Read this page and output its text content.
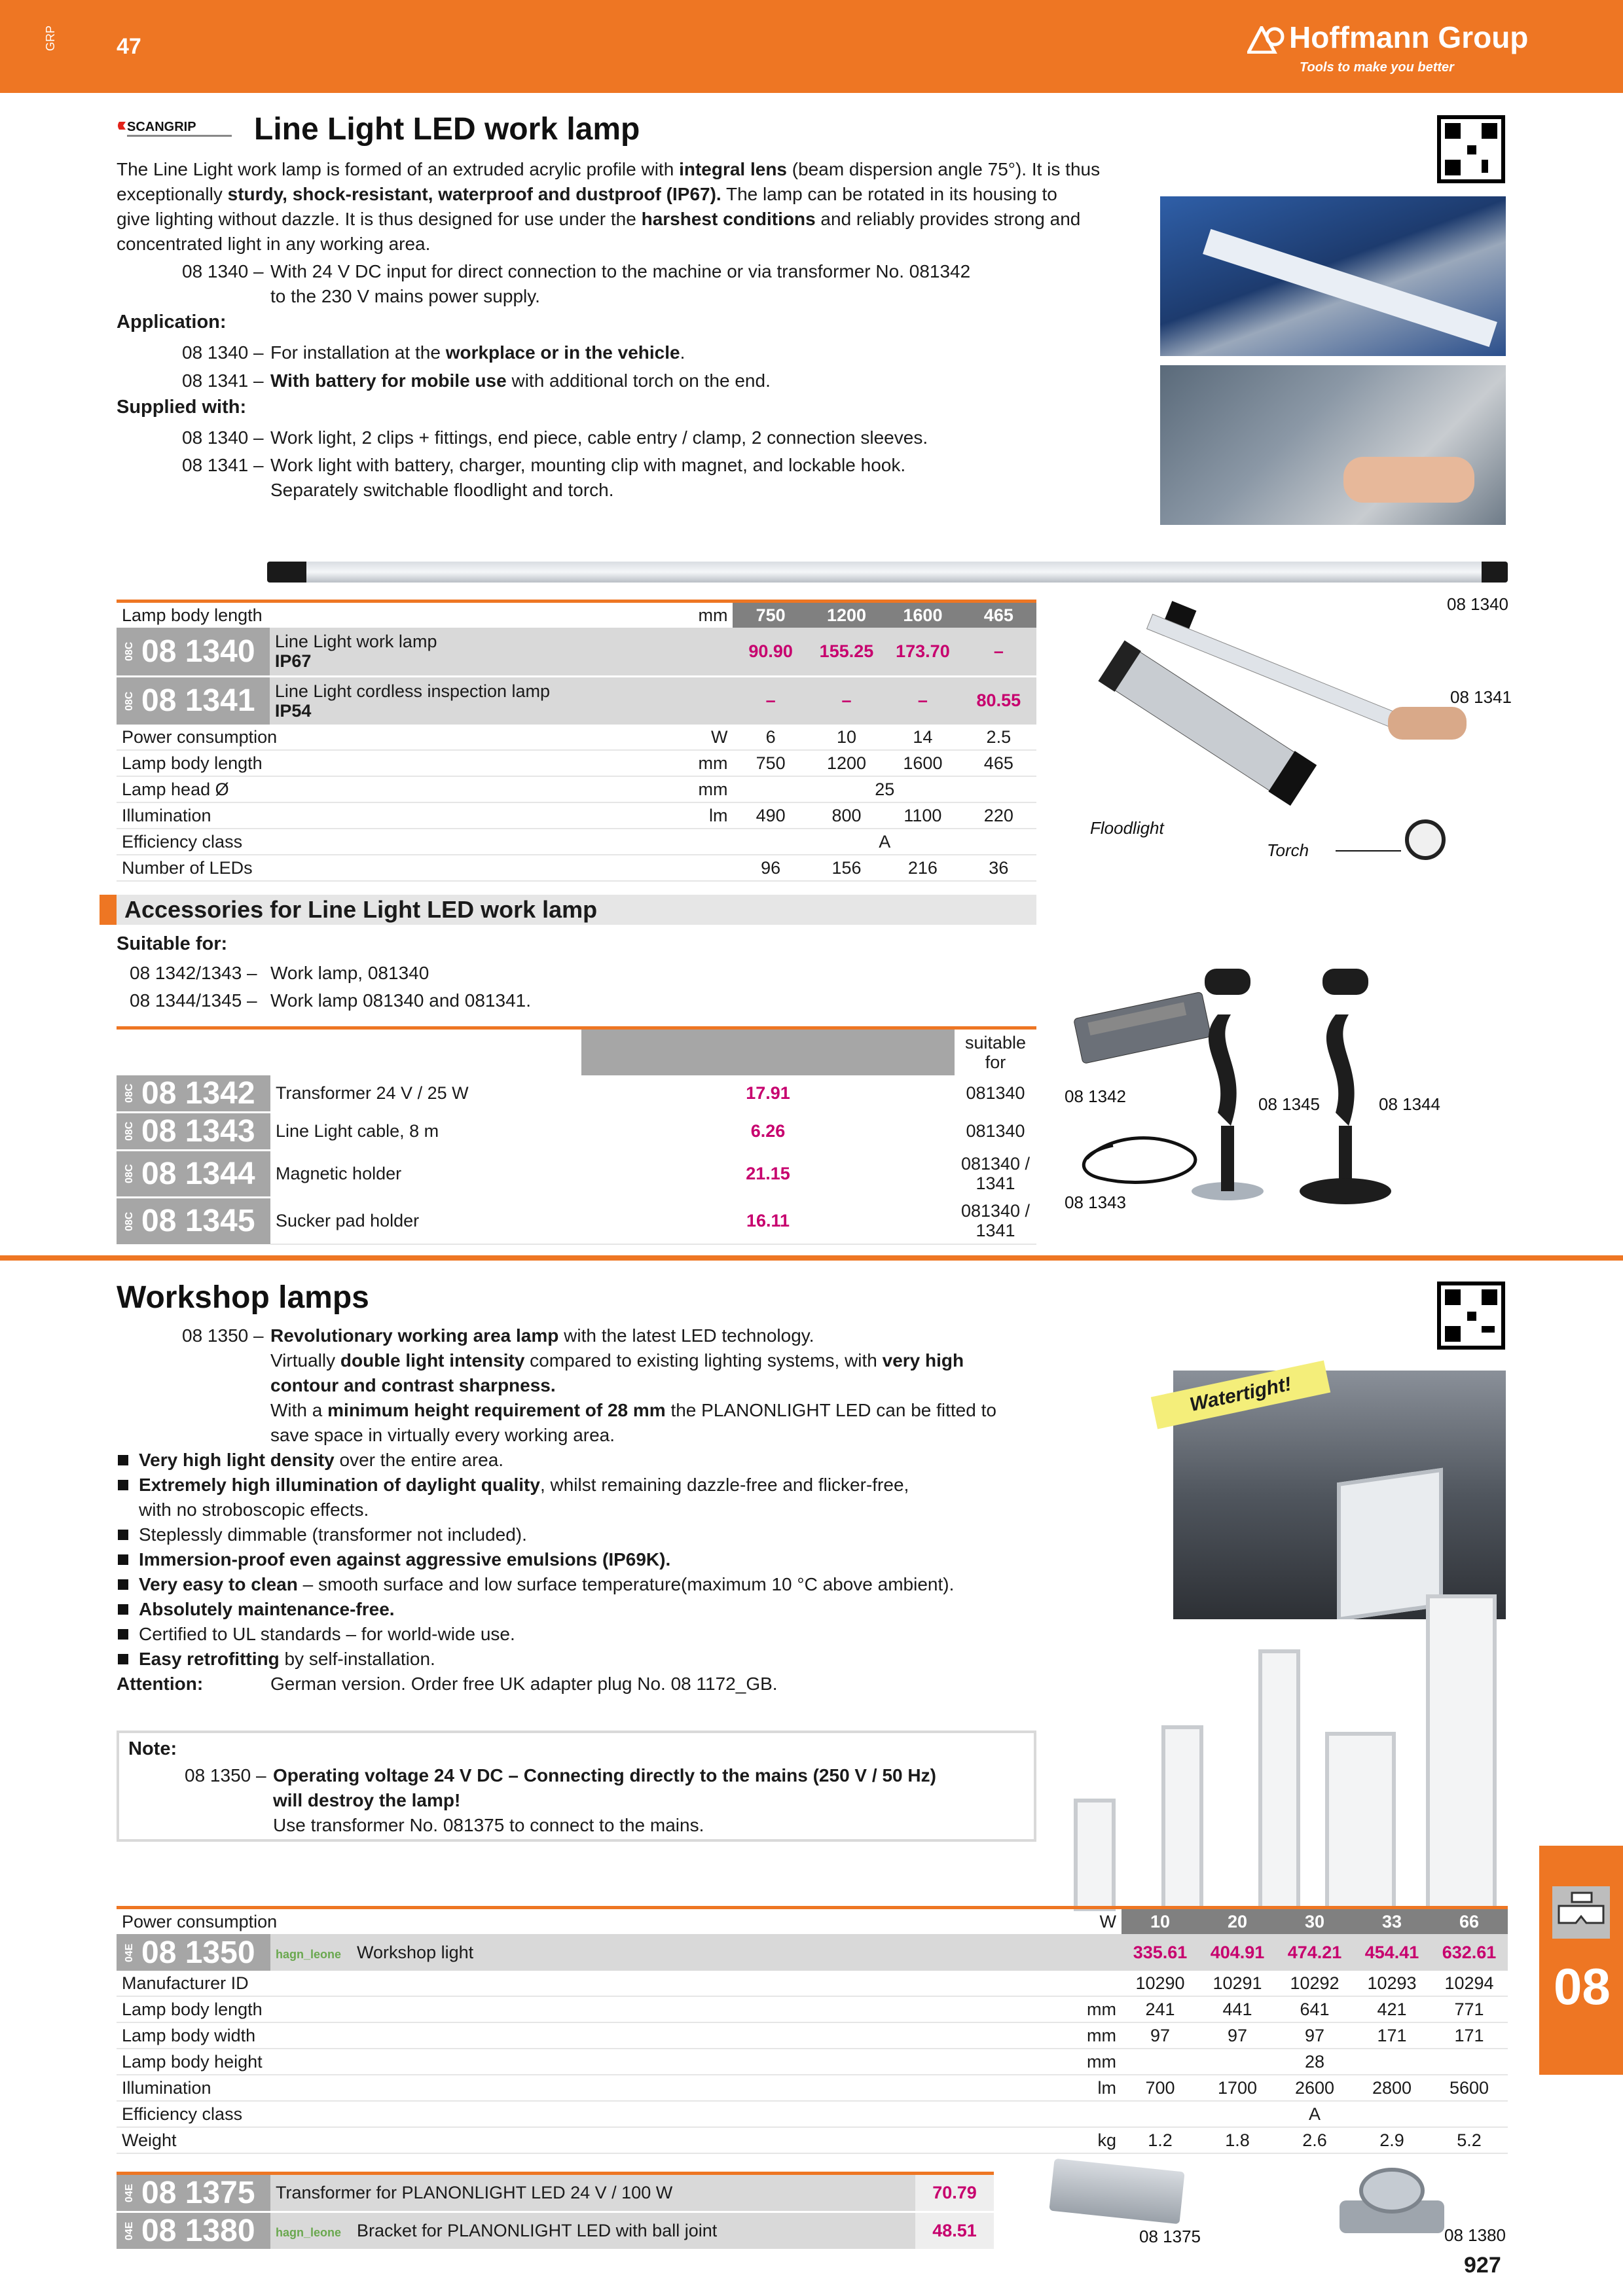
GRP	47	Hoffmann Group
Tools to make you better
SCANGRIP Line Light LED work lamp
The Line Light work lamp is formed of an extruded acrylic profile with integral lens (beam dispersion angle 75°). It is thus
exceptionally sturdy, shock-resistant, waterproof and dustproof (IP67). The lamp can be rotated in its housing to
give lighting without dazzle. It is thus designed for use under the harshest conditions and reliably provides strong and
concentrated light in any working area.
08 1340 – With 24 V DC input for direct connection to the machine or via transformer No. 081342
to the 230 V mains power supply.
Application:
08 1340 – For installation at the workplace or in the vehicle.
08 1341 – With battery for mobile use with additional torch on the end.
Supplied with:
08 1340 – Work light, 2 clips + fittings, end piece, cable entry / clamp, 2 connection sleeves.
08 1341 – Work light with battery, charger, mounting clip with magnet, and lockable hook.
Separately switchable floodlight and torch.
Lamp body length		mm	750	1200	1600	465
08C 08 1340	Line Light work lamp
IP67		90.90	155.25	173.70	–
08C 08 1341	Line Light cordless inspection lamp
IP54		–	–	–	80.55
Power consumption		W	6	10	14	2.5
Lamp body length		mm	750	1200	1600	465
Lamp head Ø		mm	25			
Illumination		lm	490	800	1100	220
Efficiency class			A			
Number of LEDs			96	156	216	36
08 1340
08 1341
Floodlight
Torch
Accessories for Line Light LED work lamp
Suitable for:
08 1342/1343 – Work lamp, 081340
08 1344/1345 – Work lamp 081340 and 081341.
			suitable for
08C 08 1342	Transformer 24 V / 25 W	17.91	081340
08C 08 1343	Line Light cable, 8 m	6.26	081340
08C 08 1344	Magnetic holder	21.15	081340 / 1341
08C 08 1345	Sucker pad holder	16.11	081340 / 1341
08 1342
08 1343
08 1345	08 1344
Workshop lamps
08 1350 – Revolutionary working area lamp with the latest LED technology.
Virtually double light intensity compared to existing lighting systems, with very high
contour and contrast sharpness.
With a minimum height requirement of 28 mm the PLANONLIGHT LED can be fitted to
save space in virtually every working area.
Very high light density over the entire area.
Extremely high illumination of daylight quality, whilst remaining dazzle-free and flicker-free,
with no stroboscopic effects.
Steplessly dimmable (transformer not included).
Immersion-proof even against aggressive emulsions (IP69K).
Very easy to clean – smooth surface and low surface temperature(maximum 10 °C above ambient).
Absolutely maintenance-free.
Certified to UL standards – for world-wide use.
Easy retrofitting by self-installation.
Attention:	German version. Order free UK adapter plug No. 08 1172_GB.
Watertight!
Note:
08 1350 – Operating voltage 24 V DC – Connecting directly to the mains (250 V / 50 Hz)
will destroy the lamp!
Use transformer No. 081375 to connect to the mains.
Power consumption		W	10	20	30	33	66
04E 08 1350	hagn_leone Workshop light		335.61	404.91	474.21	454.41	632.61
Manufacturer ID			10290	10291	10292	10293	10294
Lamp body length		mm	241	441	641	421	771
Lamp body width		mm	97	97	97	171	171
Lamp body height		mm	28				
Illumination		lm	700	1700	2600	2800	5600
Efficiency class			A				
Weight		kg	1.2	1.8	2.6	2.9	5.2
04E 08 1375	Transformer for PLANONLIGHT LED 24 V / 100 W	70.79
04E 08 1380	hagn_leone Bracket for PLANONLIGHT LED with ball joint	48.51	08 1375	08 1380
08
927
